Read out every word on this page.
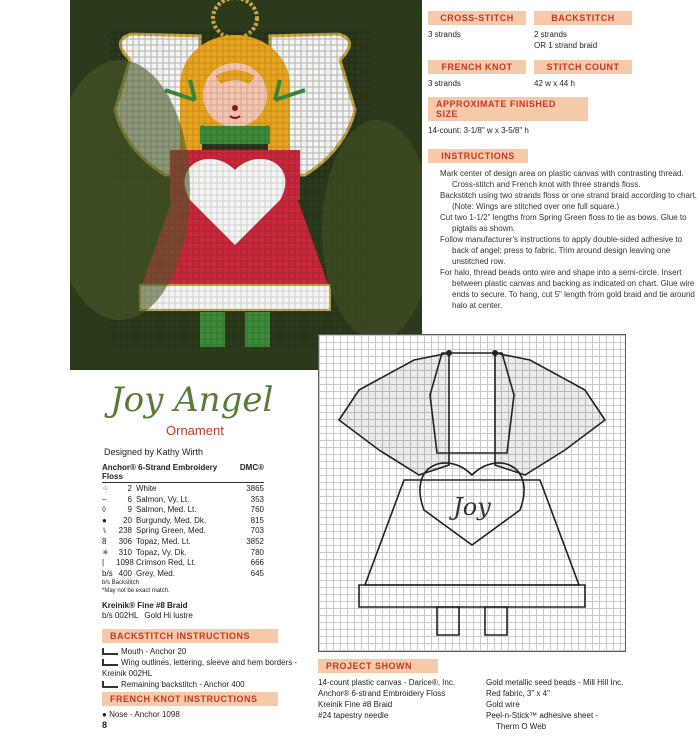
CROSS-STITCH
3 strands
BACKSTITCH
2 strands
OR 1 strand braid
FRENCH KNOT
3 strands
STITCH COUNT
42 w x 44 h
APPROXIMATE FINISHED SIZE
14-count: 3-1/8" w x 3-5/8" h
INSTRUCTIONS

Mark center of design area on plastic canvas with contrasting thread. Cross-stitch and French knot with three strands floss.

Backstitch using two strands floss or one strand braid according to chart. (Note: Wings are stitched over one full square.)

Cut two 1-1/2" lengths from Spring Green floss to tie as bows. Glue to pigtails as shown.

Follow manufacturer's instructions to apply double-sided adhesive to back of angel; press to fabric. Trim around design leaving one unstitched row.

For halo, thread beads onto wire and shape into a semi-circle. Insert between plastic canvas and backing as indicated on chart. Glue wire ends to secure. To hang, cut 5" length from gold braid and tie around halo at center.

Joy
Joy Angel
Ornament
Designed by Kathy Wirth
Anchor® 6-Strand Embroidery Floss
DMC®
⁘	2 White	3865
–	6 Salmon, Vy. Lt.	353
◊	9 Salmon, Med. Lt.	760
●	20 Burgundy, Med. Dk.	815
⑊	238 Spring Green, Med.	703
8	306 Topaz, Med. Lt.	3852
✳	310 Topaz, Vy. Dk.	780
|	1098 Crimson Red, Lt.	666
b/s 400 Grey, Med.	645
b/s Backstitch
*May not be exact match.
Kreinik® Fine #8 Braid
b/s 002HL Gold Hi lustre
BACKSTITCH INSTRUCTIONS
Mouth - Anchor 20
Wing outlines, lettering, sleeve and hem borders - Kreinik 002HL
Remaining backstitch - Anchor 400
FRENCH KNOT INSTRUCTIONS
● Nose - Anchor 1098
PROJECT SHOWN
14-count plastic canvas - Darice®, Inc.
Anchor® 6-strand Embroidery Floss
Kreinik Fine #8 Braid
#24 tapestry needle
Gold metallic seed beads - Mill Hill Inc.
Red fabric, 3" x 4"
Gold wire
Peel-n-Stick™ adhesive sheet -
Therm O Web
8
